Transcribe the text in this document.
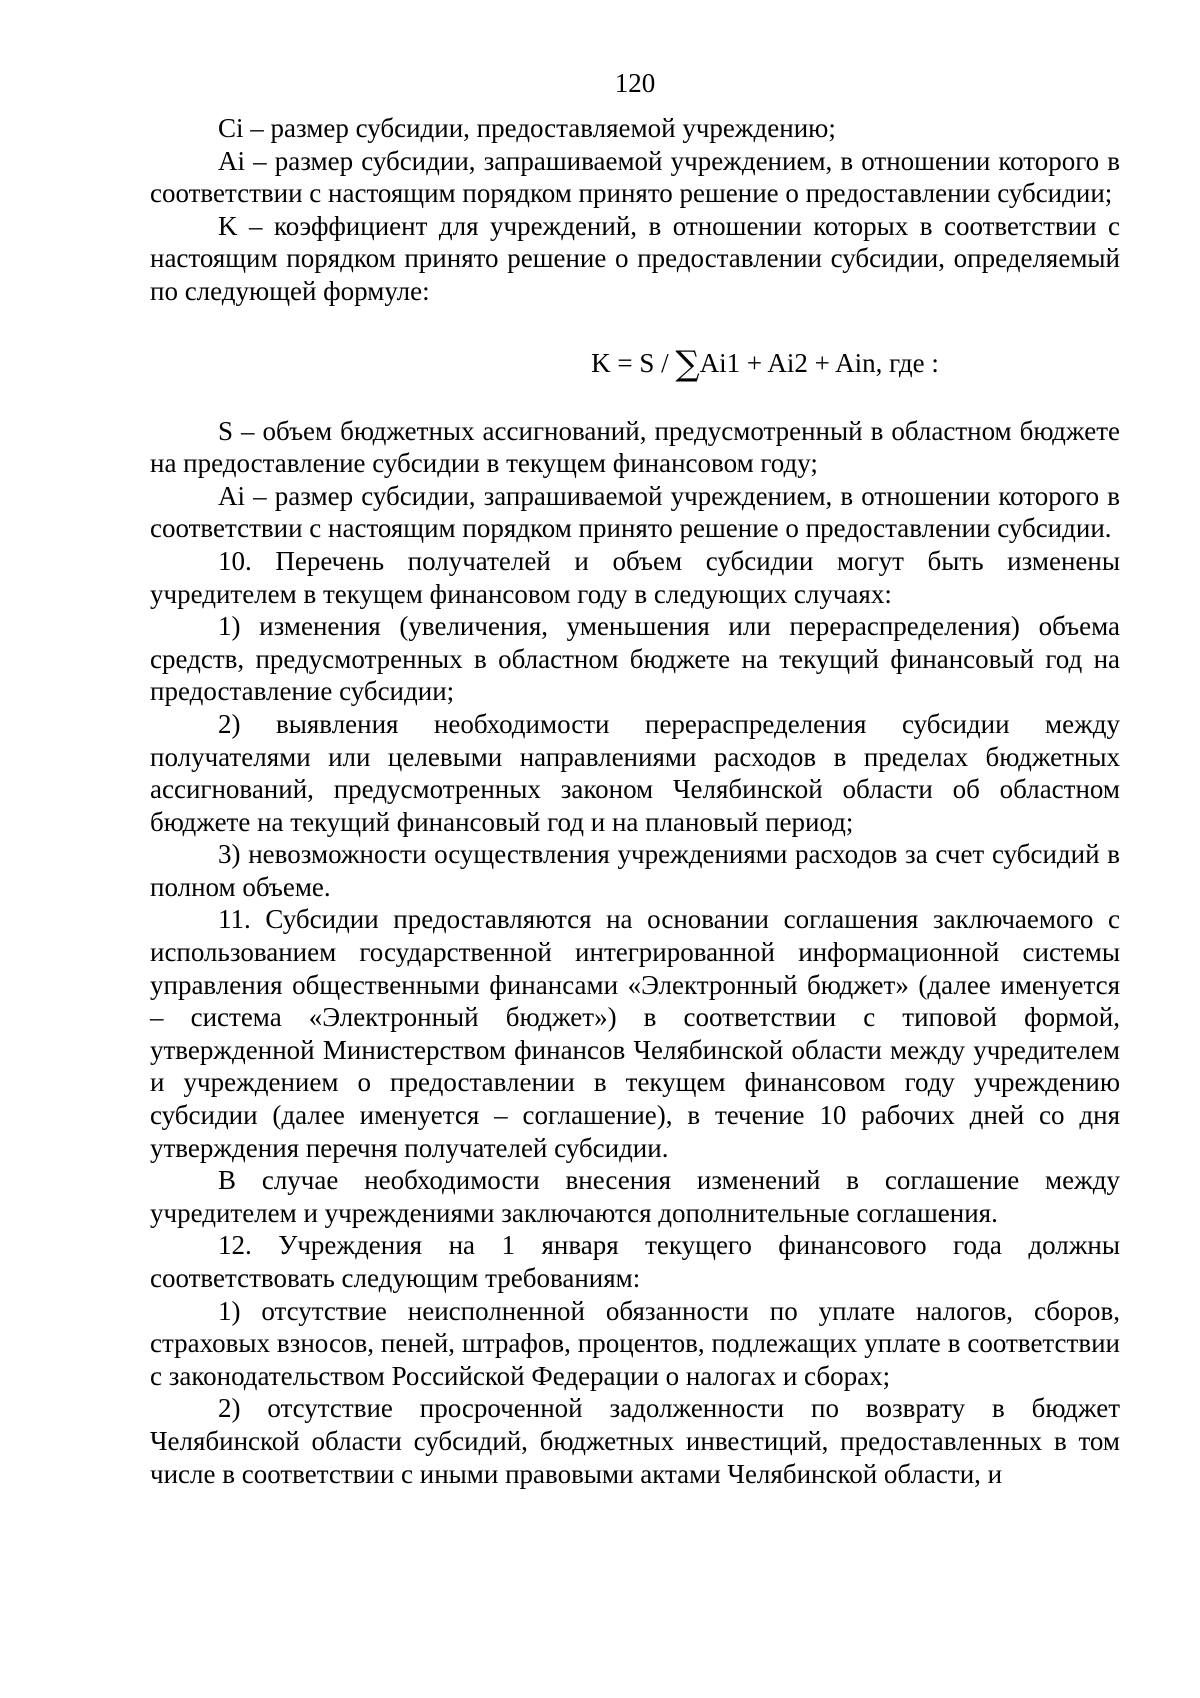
120

Ci – размер субсидии, предоставляемой учреждению;

Ai – размер субсидии, запрашиваемой учреждением, в отношении которого в соответствии с настоящим порядком принято решение о предоставлении субсидии;

K – коэффициент для учреждений, в отношении которых в соответствии с настоящим порядком принято решение о предоставлении субсидии, определяемый по следующей формуле:

K = S / ∑Ai1 + Ai2 + Ain, где :

S – объем бюджетных ассигнований, предусмотренный в областном бюджете на предоставление субсидии в текущем финансовом году;

Ai – размер субсидии, запрашиваемой учреждением, в отношении которого в соответствии с настоящим порядком принято решение о предоставлении субсидии.

10. Перечень получателей и объем субсидии могут быть изменены учредителем в текущем финансовом году в следующих случаях:

1) изменения (увеличения, уменьшения или перераспределения) объема средств, предусмотренных в областном бюджете на текущий финансовый год на предоставление субсидии;

2) выявления необходимости перераспределения субсидии между получателями или целевыми направлениями расходов в пределах бюджетных ассигнований, предусмотренных законом Челябинской области об областном бюджете на текущий финансовый год и на плановый период;

3) невозможности осуществления учреждениями расходов за счет субсидий в полном объеме.

11. Субсидии предоставляются на основании соглашения заключаемого с использованием государственной интегрированной информационной системы управления общественными финансами «Электронный бюджет» (далее именуется – система «Электронный бюджет») в соответствии с типовой формой, утвержденной Министерством финансов Челябинской области между учредителем и учреждением о предоставлении в текущем финансовом году учреждению субсидии (далее именуется – соглашение), в течение 10 рабочих дней со дня утверждения перечня получателей субсидии.

В случае необходимости внесения изменений в соглашение между учредителем и учреждениями заключаются дополнительные соглашения.

12. Учреждения на 1 января текущего финансового года должны соответствовать следующим требованиям:

1) отсутствие неисполненной обязанности по уплате налогов, сборов, страховых взносов, пеней, штрафов, процентов, подлежащих уплате в соответствии с законодательством Российской Федерации о налогах и сборах;

2) отсутствие просроченной задолженности по возврату в бюджет Челябинской области субсидий, бюджетных инвестиций, предоставленных в том числе в соответствии с иными правовыми актами Челябинской области, и
